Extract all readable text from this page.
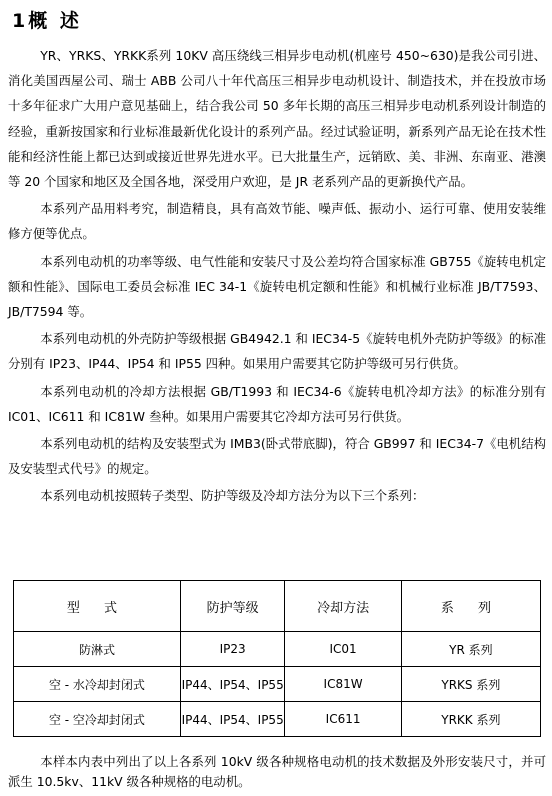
1概 述

YR、YRKS、YRKK系列 10KV 高压绕线三相异步电动机(机座号 450~630)是我公司引进、消化美国西屋公司、瑞士 ABB 公司八十年代高压三相异步电动机设计、制造技术，并在投放市场十多年征求广大用户意见基础上，结合我公司 50 多年长期的高压三相异步电动机系列设计制造的经验，重新按国家和行业标准最新优化设计的系列产品。经过试验证明，新系列产品无论在技术性能和经济性能上都已达到或接近世界先进水平。已大批量生产，远销欧、美、非洲、东南亚、港澳等 20 个国家和地区及全国各地，深受用户欢迎，是 JR 老系列产品的更新换代产品。

本系列产品用料考究，制造精良，具有高效节能、噪声低、振动小、运行可靠、使用安装维修方便等优点。

本系列电动机的功率等级、电气性能和安装尺寸及公差均符合国家标准 GB755《旋转电机定额和性能》、国际电工委员会标准 IEC 34-1《旋转电机定额和性能》和机械行业标准 JB/T7593、JB/T7594 等。

本系列电动机的外壳防护等级根据 GB4942.1 和 IEC34-5《旋转电机外壳防护等级》的标准分别有 IP23、IP44、IP54 和 IP55 四种。如果用户需要其它防护等级可另行供货。

本系列电动机的冷却方法根据 GB/T1993 和 IEC34-6《旋转电机冷却方法》的标准分别有 IC01、IC611 和 IC81W 叁种。如果用户需要其它冷却方法可另行供货。

本系列电动机的结构及安装型式为 IMB3(卧式带底脚)，符合 GB997 和 IEC34-7《电机结构及安装型式代号》的规定。

本系列电动机按照转子类型、防护等级及冷却方法分为以下三个系列：

型 式	防护等级	冷却方法	系 列
防淋式	IP23	IC01	YR 系列
空 - 水冷却封闭式	IP44、IP54、IP55	IC81W	YRKS 系列
空 - 空冷却封闭式	IP44、IP54、IP55	IC611	YRKK 系列

本样本内表中列出了以上各系列 10kV 级各种规格电动机的技术数据及外形安装尺寸，并可派生 10.5kv、11kV 级各种规格的电动机。
